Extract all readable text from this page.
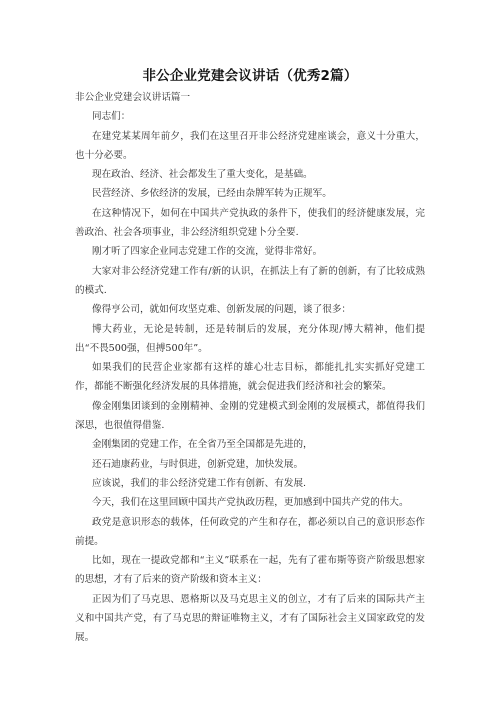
非公企业党建会议讲话（优秀2篇）

非公企业党建会议讲话篇一

同志们：

在建党某某周年前夕，我们在这里召开非公经济党建座谈会，意义十分重大，也十分必要。

现在政治、经济、社会都发生了重大变化，是基础。

民营经济、乡依经济的发展，已经由杂牌军转为正规军。

在这种情况下，如何在中国共产党执政的条件下，使我们的经济健康发展，完善政治、社会各项事业，非公经济组织党建卜分全要.

刚才听了四家企业同志党建工作的交流，觉得非常好。

大家对非公经济党建工作有/新的认识，在抓法上有了新的创新，有了比较成熟的模式.

像得亨公司，就如何攻坚克难、创新发展的问题，谈了很多：

博大药业，无论是转制，还是转制后的发展，充分体现/博大精神，他们提出“不畏500强，但搏500年”。

如果我们的民营企业家都有这样的雄心壮志目标，都能扎扎实实抓好党建工作，都能不断强化经济发展的具体措施，就会促进我们经济和社会的繁荣。

像金刚集团谈到的金刚精神、金刚的党建模式到金刚的发展模式，都值得我们深思，也很值得借鉴.

金刚集团的党建工作，在全省乃至全国都是先进的，

还石迪康药业，与时俱进，创新党建，加快发展。

应该说，我们的非公经济党建工作有创新、有发展.

今天，我们在这里回顾中国共产党执政历程，更加感到中国共产党的伟大。

政党是意识形态的载体，任何政党的产生和存在，都必须以自己的意识形态作前提。

比如，现在一提政党都和“主义”联系在一起，先有了霍布斯等资产阶级思想家的思想，才有了后来的资产阶级和资本主义：

正因为们了马克思、恩格斯以及马克思主义的创立，才有了后来的国际共产主义和中国共产党，有了马克思的辩证唯物主义，才有了国际社会主义国家政党的发展。
